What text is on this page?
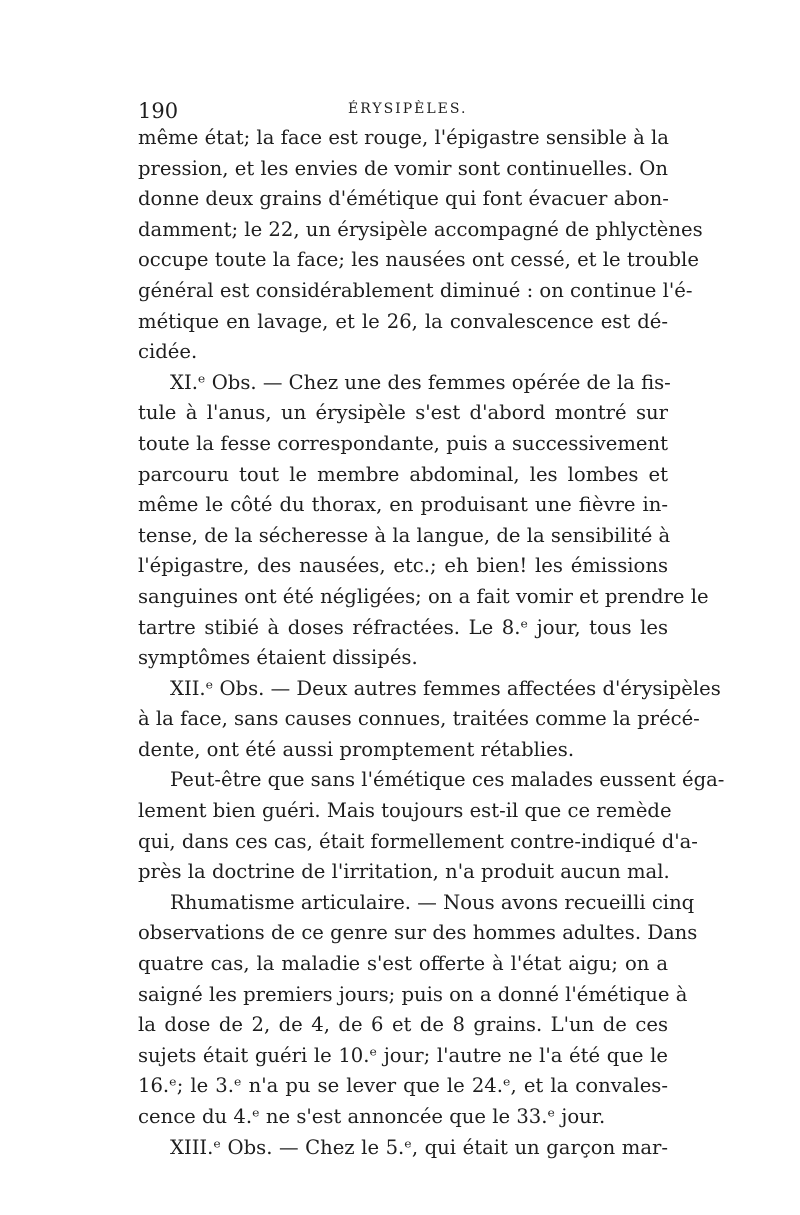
190	ÉRYSIPÈLES.
même état; la face est rouge, l'épigastre sensible à la
pression, et les envies de vomir sont continuelles. On
donne deux grains d'émétique qui font évacuer abon-
damment; le 22, un érysipèle accompagné de phlyctènes
occupe toute la face; les nausées ont cessé, et le trouble
général est considérablement diminué : on continue l'é-
métique en lavage, et le 26, la convalescence est dé-
cidée.
XI.ᵉ Obs. — Chez une des femmes opérée de la fis-
tule à l'anus, un érysipèle s'est d'abord montré sur
toute la fesse correspondante, puis a successivement
parcouru tout le membre abdominal, les lombes et
même le côté du thorax, en produisant une fièvre in-
tense, de la sécheresse à la langue, de la sensibilité à
l'épigastre, des nausées, etc.; eh bien! les émissions
sanguines ont été négligées; on a fait vomir et prendre le
tartre stibié à doses réfractées. Le 8.ᵉ jour, tous les
symptômes étaient dissipés.
XII.ᵉ Obs. — Deux autres femmes affectées d'érysipèles
à la face, sans causes connues, traitées comme la précé-
dente, ont été aussi promptement rétablies.
Peut-être que sans l'émétique ces malades eussent éga-
lement bien guéri. Mais toujours est-il que ce remède
qui, dans ces cas, était formellement contre-indiqué d'a-
près la doctrine de l'irritation, n'a produit aucun mal.
Rhumatisme articulaire. — Nous avons recueilli cinq
observations de ce genre sur des hommes adultes. Dans
quatre cas, la maladie s'est offerte à l'état aigu; on a
saigné les premiers jours; puis on a donné l'émétique à
la dose de 2, de 4, de 6 et de 8 grains. L'un de ces
sujets était guéri le 10.ᵉ jour; l'autre ne l'a été que le
16.ᵉ; le 3.ᵉ n'a pu se lever que le 24.ᵉ, et la convales-
cence du 4.ᵉ ne s'est annoncée que le 33.ᵉ jour.
XIII.ᵉ Obs. — Chez le 5.ᵉ, qui était un garçon mar-
